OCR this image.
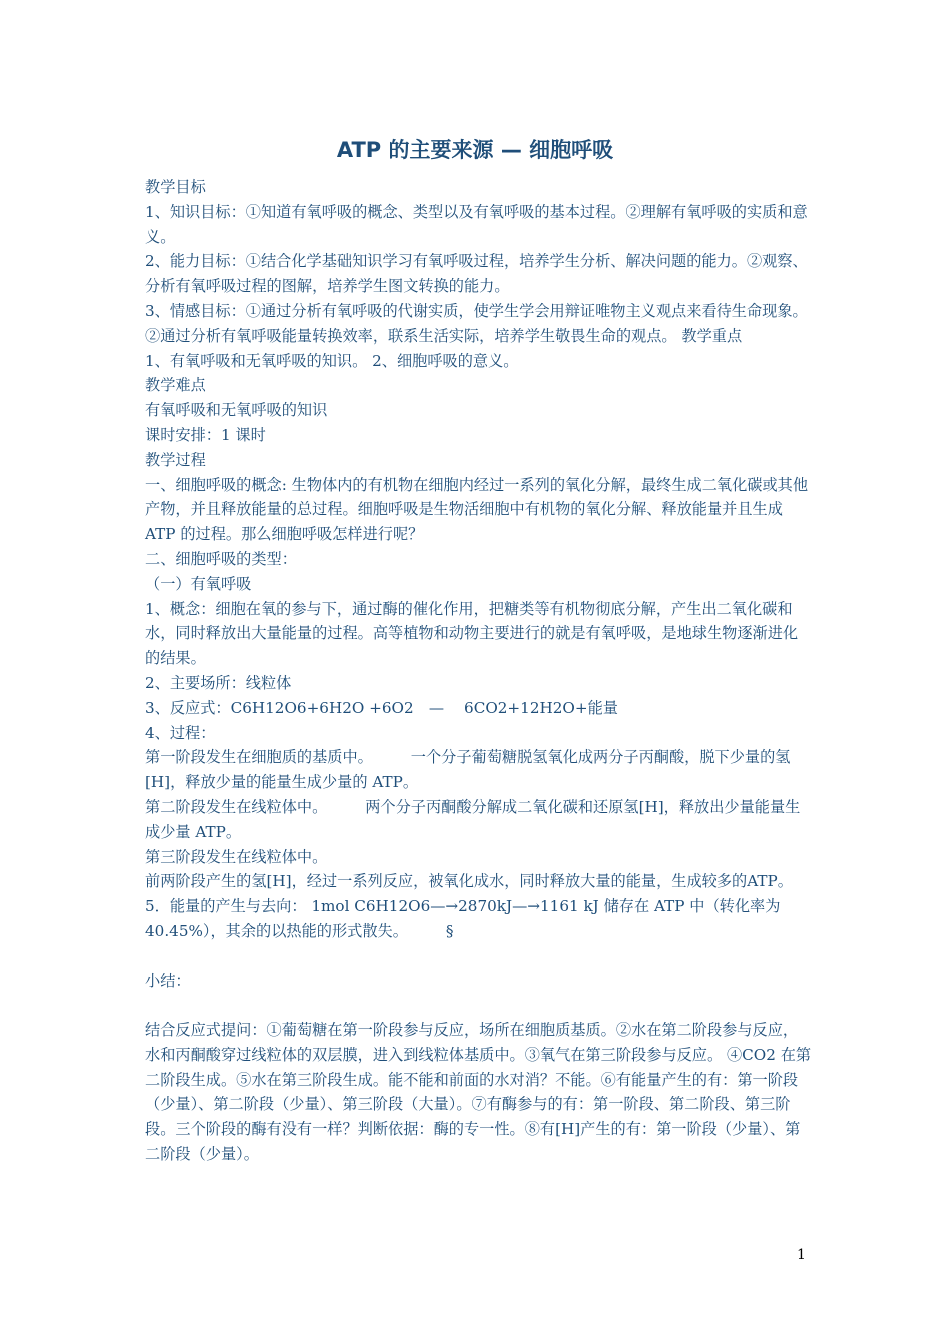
ATP 的主要来源 — 细胞呼吸

教学目标

1、知识目标：①知道有氧呼吸的概念、类型以及有氧呼吸的基本过程。②理解有氧呼吸的实质和意义。

2、能力目标：①结合化学基础知识学习有氧呼吸过程，培养学生分析、解决问题的能力。②观察、分析有氧呼吸过程的图解，培养学生图文转换的能力。

3、情感目标：①通过分析有氧呼吸的代谢实质，使学生学会用辩证唯物主义观点来看待生命现象。②通过分析有氧呼吸能量转换效率，联系生活实际，培养学生敬畏生命的观点。 教学重点

1、有氧呼吸和无氧呼吸的知识。 2、细胞呼吸的意义。

教学难点

有氧呼吸和无氧呼吸的知识

课时安排：1 课时

教学过程

一、细胞呼吸的概念: 生物体内的有机物在细胞内经过一系列的氧化分解，最终生成二氧化碳或其他产物，并且释放能量的总过程。细胞呼吸是生物活细胞中有机物的氧化分解、释放能量并且生成 ATP 的过程。那么细胞呼吸怎样进行呢？

二、细胞呼吸的类型：

（一）有氧呼吸

1、概念：细胞在氧的参与下，通过酶的催化作用，把糖类等有机物彻底分解，产生出二氧化碳和水，同时释放出大量能量的过程。高等植物和动物主要进行的就是有氧呼吸，是地球生物逐渐进化的结果。

2、主要场所：线粒体

3、反应式：C6H12O6+6H2O +6O2　—　 6CO2+12H2O+能量

4、过程：

第一阶段发生在细胞质的基质中。　　　一个分子葡萄糖脱氢氧化成两分子丙酮酸，脱下少量的氢[H]，释放少量的能量生成少量的 ATP。

第二阶段发生在线粒体中。　　　两个分子丙酮酸分解成二氧化碳和还原氢[H]，释放出少量能量生成少量 ATP。

第三阶段发生在线粒体中。

前两阶段产生的氢[H]，经过一系列反应，被氧化成水，同时释放大量的能量，生成较多的ATP。

5．能量的产生与去向： 1mol C6H12O6—→2870kJ—→1161 kJ 储存在 ATP 中（转化率为 40.45%），其余的以热能的形式散失。　　　§

小结：

结合反应式提问：①葡萄糖在第一阶段参与反应，场所在细胞质基质。②水在第二阶段参与反应，水和丙酮酸穿过线粒体的双层膜，进入到线粒体基质中。③氧气在第三阶段参与反应。 ④CO2 在第二阶段生成。⑤水在第三阶段生成。能不能和前面的水对消？不能。⑥有能量产生的有：第一阶段（少量）、第二阶段（少量）、第三阶段（大量）。⑦有酶参与的有：第一阶段、第二阶段、第三阶段。三个阶段的酶有没有一样？判断依据：酶的专一性。⑧有[H]产生的有：第一阶段（少量）、第二阶段（少量）。

1
